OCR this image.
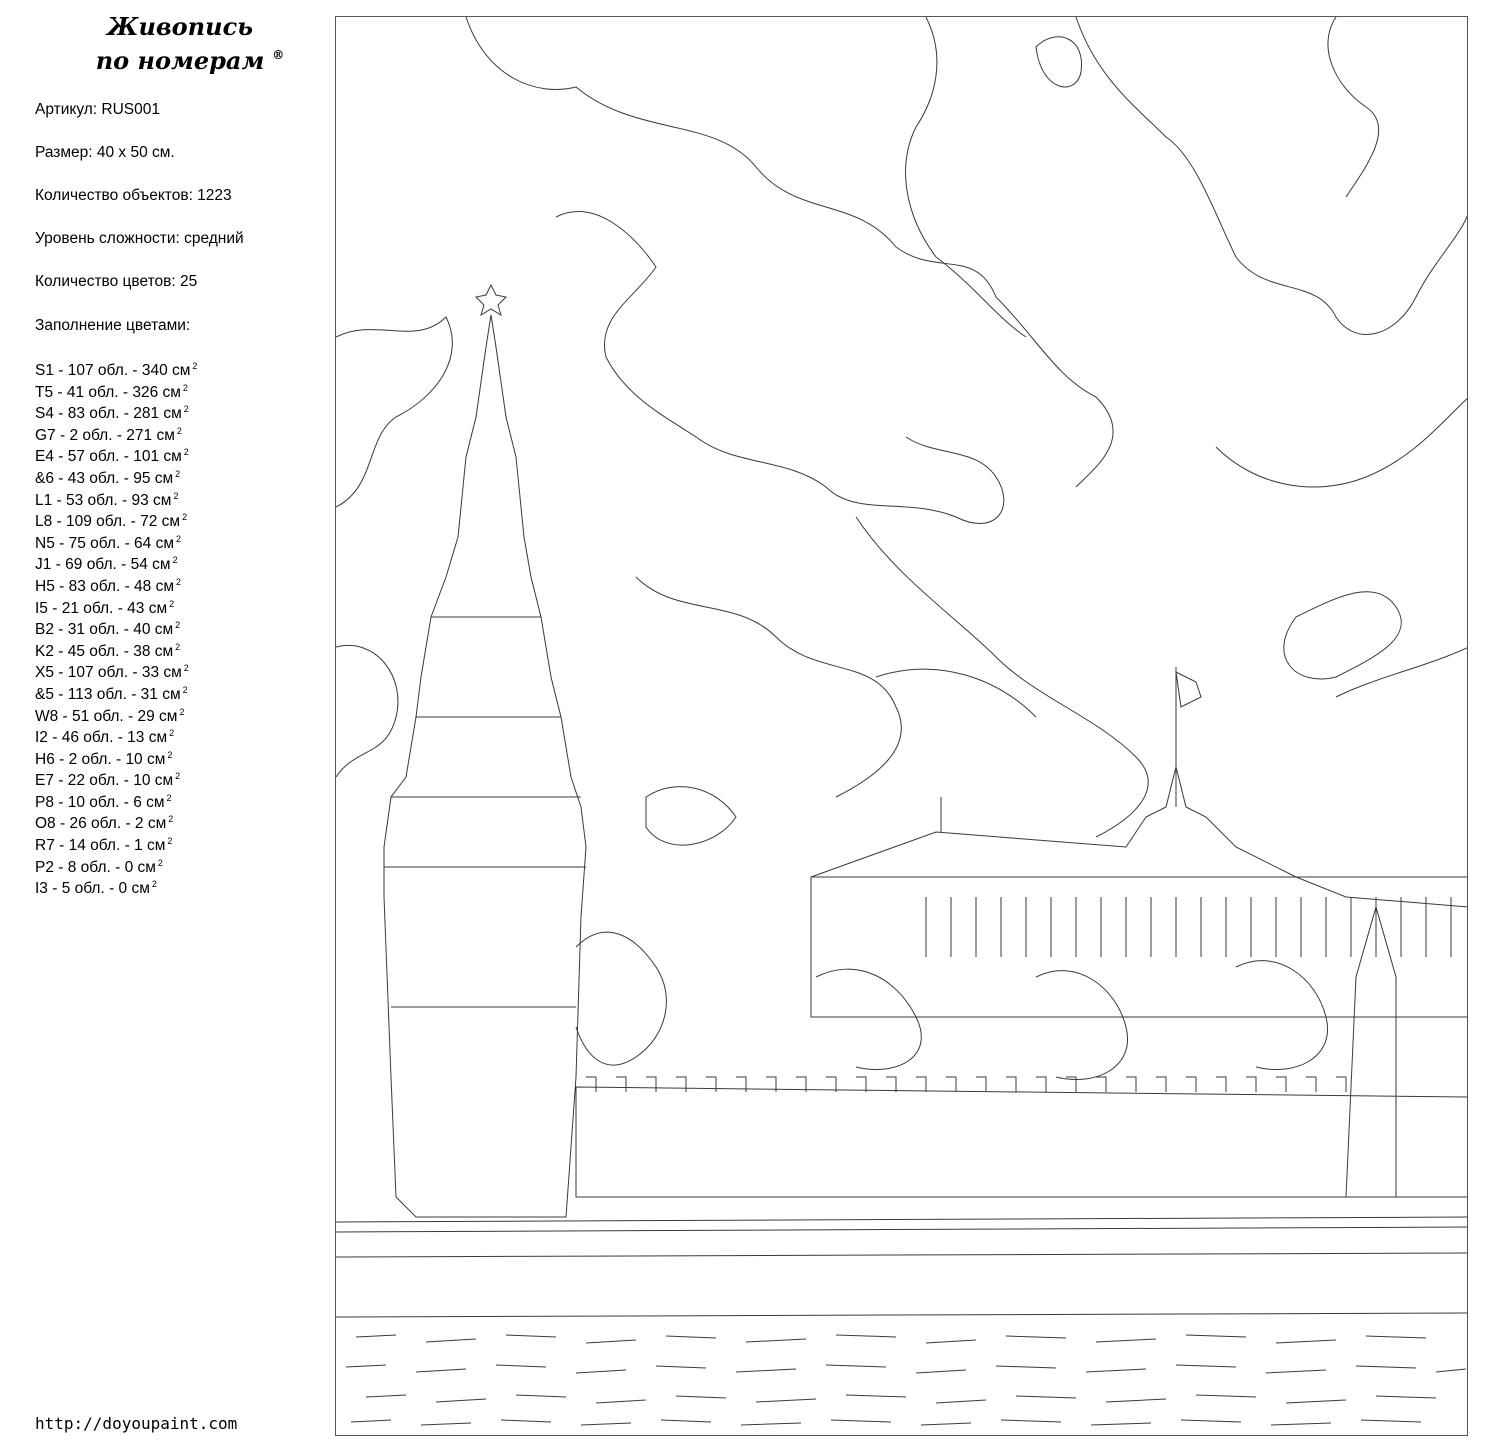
Живопись
по номерам ®
Артикул: RUS001
Размер: 40 х 50 см.
Количество объектов: 1223
Уровень сложности: средний
Количество цветов: 25
Заполнение цветами:
S1 - 107 обл. - 340 см $^2$
T5 - 41 обл. - 326 см $^2$
S4 - 83 обл. - 281 см $^2$
G7 - 2 обл. - 271 см $^2$
E4 - 57 обл. - 101 см $^2$
&6 - 43 обл. - 95 см $^2$
L1 - 53 обл. - 93 см $^2$
L8 - 109 обл. - 72 см $^2$
N5 - 75 обл. - 64 см $^2$
J1 - 69 обл. - 54 см $^2$
H5 - 83 обл. - 48 см $^2$
I5 - 21 обл. - 43 см $^2$
B2 - 31 обл. - 40 см $^2$
K2 - 45 обл. - 38 см $^2$
X5 - 107 обл. - 33 см $^2$
&5 - 113 обл. - 31 см $^2$
W8 - 51 обл. - 29 см $^2$
I2 - 46 обл. - 13 см $^2$
H6 - 2 обл. - 10 см $^2$
E7 - 22 обл. - 10 см $^2$
P8 - 10 обл. - 6 см $^2$
O8 - 26 обл. - 2 см $^2$
R7 - 14 обл. - 1 см $^2$
P2 - 8 обл. - 0 см $^2$
I3 - 5 обл. - 0 см $^2$
http://doyoupaint.com
